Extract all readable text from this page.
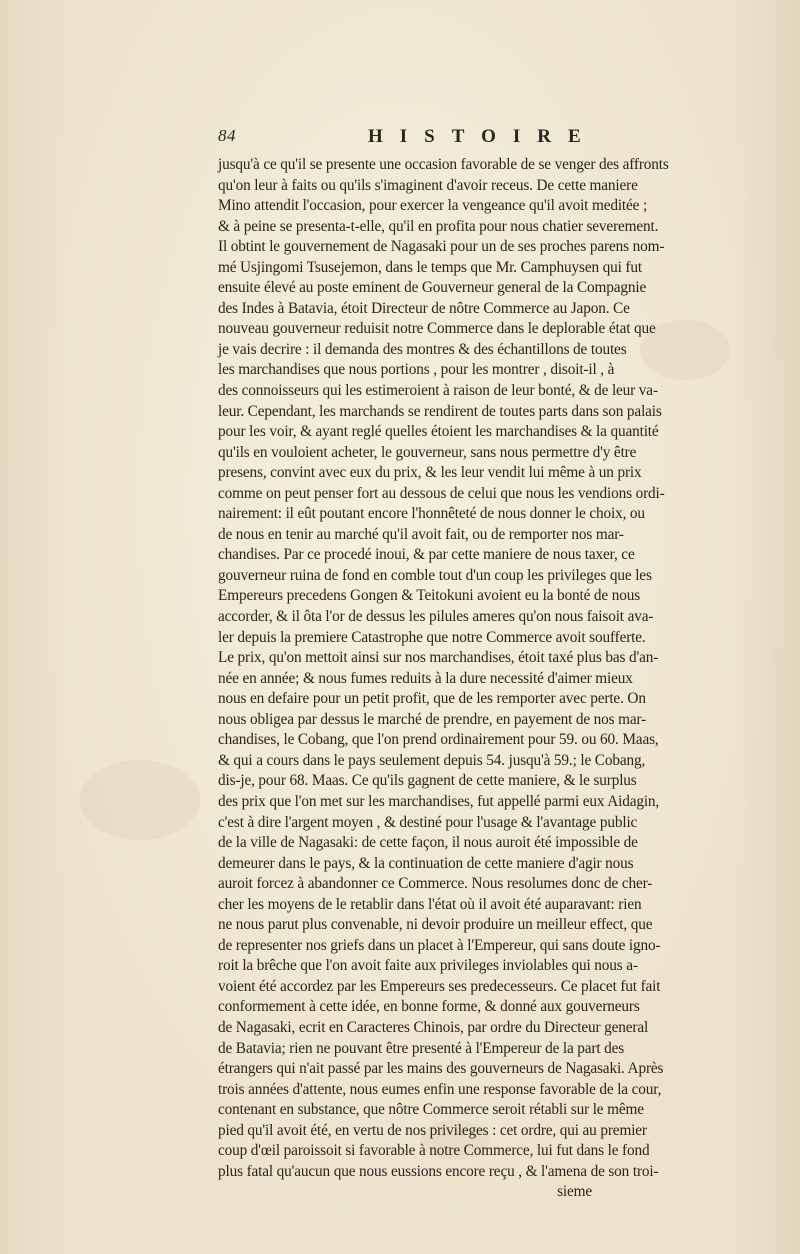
84	HISTOIRE
jusqu'à ce qu'il se presente une occasion favorable de se venger des affronts
qu'on leur à faits ou qu'ils s'imaginent d'avoir receus. De cette maniere
Mino attendit l'occasion, pour exercer la vengeance qu'il avoit meditée ;
& à peine se presenta-t-elle, qu'il en profita pour nous chatier severement.
Il obtint le gouvernement de Nagasaki pour un de ses proches parens nom-
mé Usjingomi Tsusejemon, dans le temps que Mr. Camphuysen qui fut
ensuite élevé au poste eminent de Gouverneur general de la Compagnie
des Indes à Batavia, étoit Directeur de nôtre Commerce au Japon. Ce
nouveau gouverneur reduisit notre Commerce dans le deplorable état que
je vais decrire : il demanda des montres & des échantillons de toutes
les marchandises que nous portions , pour les montrer , disoit-il , à
des connoisseurs qui les estimeroient à raison de leur bonté, & de leur va-
leur. Cependant, les marchands se rendirent de toutes parts dans son palais
pour les voir, & ayant reglé quelles étoient les marchandises & la quantité
qu'ils en vouloient acheter, le gouverneur, sans nous permettre d'y être
presens, convint avec eux du prix, & les leur vendit lui même à un prix
comme on peut penser fort au dessous de celui que nous les vendions ordi-
nairement: il eût poutant encore l'honnêteté de nous donner le choix, ou
de nous en tenir au marché qu'il avoit fait, ou de remporter nos mar-
chandises. Par ce procedé inoui, & par cette maniere de nous taxer, ce
gouverneur ruina de fond en comble tout d'un coup les privileges que les
Empereurs precedens Gongen & Teitokuni avoient eu la bonté de nous
accorder, & il ôta l'or de dessus les pilules ameres qu'on nous faisoit ava-
ler depuis la premiere Catastrophe que notre Commerce avoit soufferte.
Le prix, qu'on mettoit ainsi sur nos marchandises, étoit taxé plus bas d'an-
née en année; & nous fumes reduits à la dure necessité d'aimer mieux
nous en defaire pour un petit profit, que de les remporter avec perte. On
nous obligea par dessus le marché de prendre, en payement de nos mar-
chandises, le Cobang, que l'on prend ordinairement pour 59. ou 60. Maas,
& qui a cours dans le pays seulement depuis 54. jusqu'à 59.; le Cobang,
dis-je, pour 68. Maas. Ce qu'ils gagnent de cette maniere, & le surplus
des prix que l'on met sur les marchandises, fut appellé parmi eux Aidagin,
c'est à dire l'argent moyen , & destiné pour l'usage & l'avantage public
de la ville de Nagasaki: de cette façon, il nous auroit été impossible de
demeurer dans le pays, & la continuation de cette maniere d'agir nous
auroit forcez à abandonner ce Commerce. Nous resolumes donc de cher-
cher les moyens de le retablir dans l'état où il avoit été auparavant: rien
ne nous parut plus convenable, ni devoir produire un meilleur effect, que
de representer nos griefs dans un placet à l'Empereur, qui sans doute igno-
roit la brêche que l'on avoit faite aux privileges inviolables qui nous a-
voient été accordez par les Empereurs ses predecesseurs. Ce placet fut fait
conformement à cette idée, en bonne forme, & donné aux gouverneurs
de Nagasaki, ecrit en Caracteres Chinois, par ordre du Directeur general
de Batavia; rien ne pouvant être presenté à l'Empereur de la part des
étrangers qui n'ait passé par les mains des gouverneurs de Nagasaki. Après
trois années d'attente, nous eumes enfin une response favorable de la cour,
contenant en substance, que nôtre Commerce seroit rétabli sur le même
pied qu'il avoit été, en vertu de nos privileges : cet ordre, qui au premier
coup d'œil paroissoit si favorable à notre Commerce, lui fut dans le fond
plus fatal qu'aucun que nous eussions encore reçu , & l'amena de son troi-
sieme
